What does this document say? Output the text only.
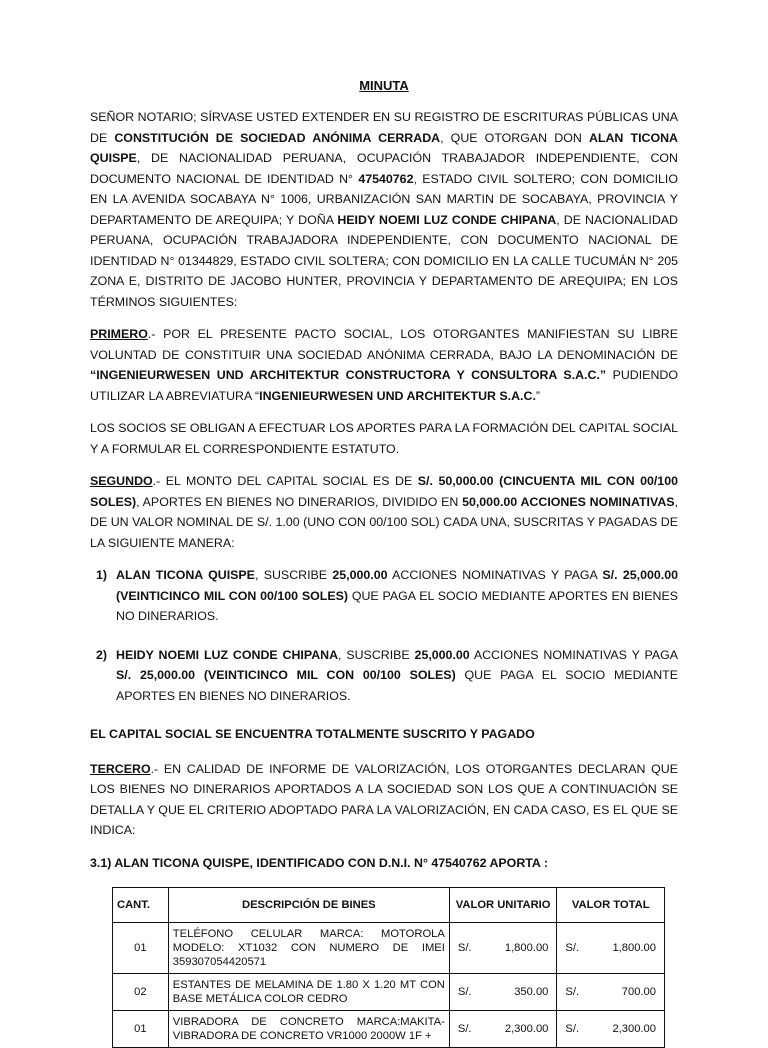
MINUTA

SEÑOR NOTARIO; SÍRVASE USTED EXTENDER EN SU REGISTRO DE ESCRITURAS PÚBLICAS UNA DE CONSTITUCIÓN DE SOCIEDAD ANÓNIMA CERRADA, QUE OTORGAN DON ALAN TICONA QUISPE, DE NACIONALIDAD PERUANA, OCUPACIÓN TRABAJADOR INDEPENDIENTE, CON DOCUMENTO NACIONAL DE IDENTIDAD N° 47540762, ESTADO CIVIL SOLTERO; CON DOMICILIO EN LA AVENIDA SOCABAYA N° 1006, URBANIZACIÓN SAN MARTIN DE SOCABAYA, PROVINCIA Y DEPARTAMENTO DE AREQUIPA; Y DOÑA HEIDY NOEMI LUZ CONDE CHIPANA, DE NACIONALIDAD PERUANA, OCUPACIÓN TRABAJADORA INDEPENDIENTE, CON DOCUMENTO NACIONAL DE IDENTIDAD N° 01344829, ESTADO CIVIL SOLTERA; CON DOMICILIO EN LA CALLE TUCUMÁN N° 205 ZONA E, DISTRITO DE JACOBO HUNTER, PROVINCIA Y DEPARTAMENTO DE AREQUIPA; EN LOS TÉRMINOS SIGUIENTES:

PRIMERO.- POR EL PRESENTE PACTO SOCIAL, LOS OTORGANTES MANIFIESTAN SU LIBRE VOLUNTAD DE CONSTITUIR UNA SOCIEDAD ANÓNIMA CERRADA, BAJO LA DENOMINACIÓN DE “INGENIEURWESEN UND ARCHITEKTUR CONSTRUCTORA Y CONSULTORA S.A.C.” PUDIENDO UTILIZAR LA ABREVIATURA “INGENIEURWESEN UND ARCHITEKTUR S.A.C.”

LOS SOCIOS SE OBLIGAN A EFECTUAR LOS APORTES PARA LA FORMACIÓN DEL CAPITAL SOCIAL Y A FORMULAR EL CORRESPONDIENTE ESTATUTO.

SEGUNDO.- EL MONTO DEL CAPITAL SOCIAL ES DE S/. 50,000.00 (CINCUENTA MIL CON 00/100 SOLES), APORTES EN BIENES NO DINERARIOS, DIVIDIDO EN 50,000.00 ACCIONES NOMINATIVAS, DE UN VALOR NOMINAL DE S/. 1.00 (UNO CON 00/100 SOL) CADA UNA, SUSCRITAS Y PAGADAS DE LA SIGUIENTE MANERA:

1) ALAN TICONA QUISPE, SUSCRIBE 25,000.00 ACCIONES NOMINATIVAS Y PAGA S/. 25,000.00 (VEINTICINCO MIL CON 00/100 SOLES) QUE PAGA EL SOCIO MEDIANTE APORTES EN BIENES NO DINERARIOS.
2) HEIDY NOEMI LUZ CONDE CHIPANA, SUSCRIBE 25,000.00 ACCIONES NOMINATIVAS Y PAGA S/. 25,000.00 (VEINTICINCO MIL CON 00/100 SOLES) QUE PAGA EL SOCIO MEDIANTE APORTES EN BIENES NO DINERARIOS.
EL CAPITAL SOCIAL SE ENCUENTRA TOTALMENTE SUSCRITO Y PAGADO

TERCERO.- EN CALIDAD DE INFORME DE VALORIZACIÓN, LOS OTORGANTES DECLARAN QUE LOS BIENES NO DINERARIOS APORTADOS A LA SOCIEDAD SON LOS QUE A CONTINUACIÓN SE DETALLA Y QUE EL CRITERIO ADOPTADO PARA LA VALORIZACIÓN, EN CADA CASO, ES EL QUE SE INDICA:

3.1) ALAN TICONA QUISPE, IDENTIFICADO CON D.N.I. N° 47540762 APORTA :
CANT.	DESCRIPCIÓN DE BINES	VALOR UNITARIO	VALOR TOTAL
01	TELÉFONO CELULAR MARCA: MOTOROLA MODELO: XT1032 CON NUMERO DE IMEI 359307054420571	S/. 1,800.00	S/. 1,800.00

02	ESTANTES DE MELAMINA DE 1.80 X 1.20 MT CON BASE METÁLICA COLOR CEDRO	S/. 350.00	S/. 700.00

01	VIBRADORA DE CONCRETO MARCA:MAKITA- VIBRADORA DE CONCRETO VR1000 2000W 1F +	S/. 2,300.00	S/. 2,300.00
